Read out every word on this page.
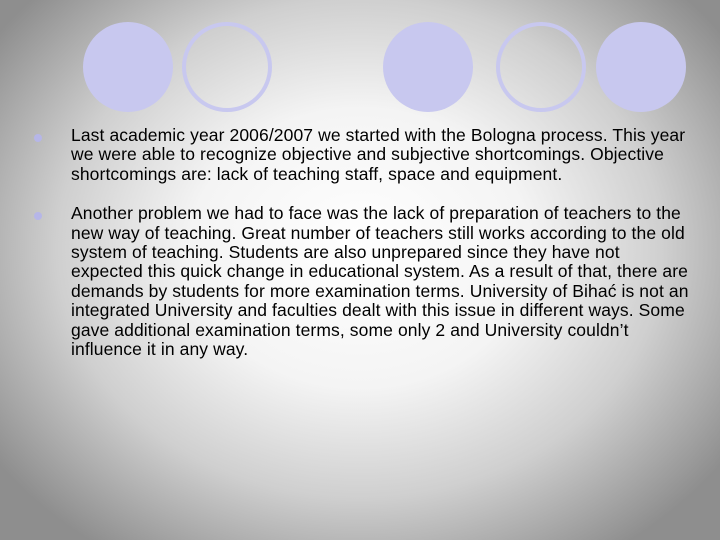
Last academic year 2006/2007 we started with the Bologna process. This year we were able to recognize objective and subjective shortcomings. Objective shortcomings are: lack of teaching staff, space and equipment.
Another problem we had to face was the lack of preparation of teachers to the new way of teaching. Great number of teachers still works according to the old system of teaching. Students are also unprepared since they have not expected this quick change in educational system. As a result of that, there are demands by students for more examination terms. University of Bihać is not an integrated University and faculties dealt with this issue in different ways. Some gave additional examination terms, some only 2 and University couldn’t influence it in any way.
